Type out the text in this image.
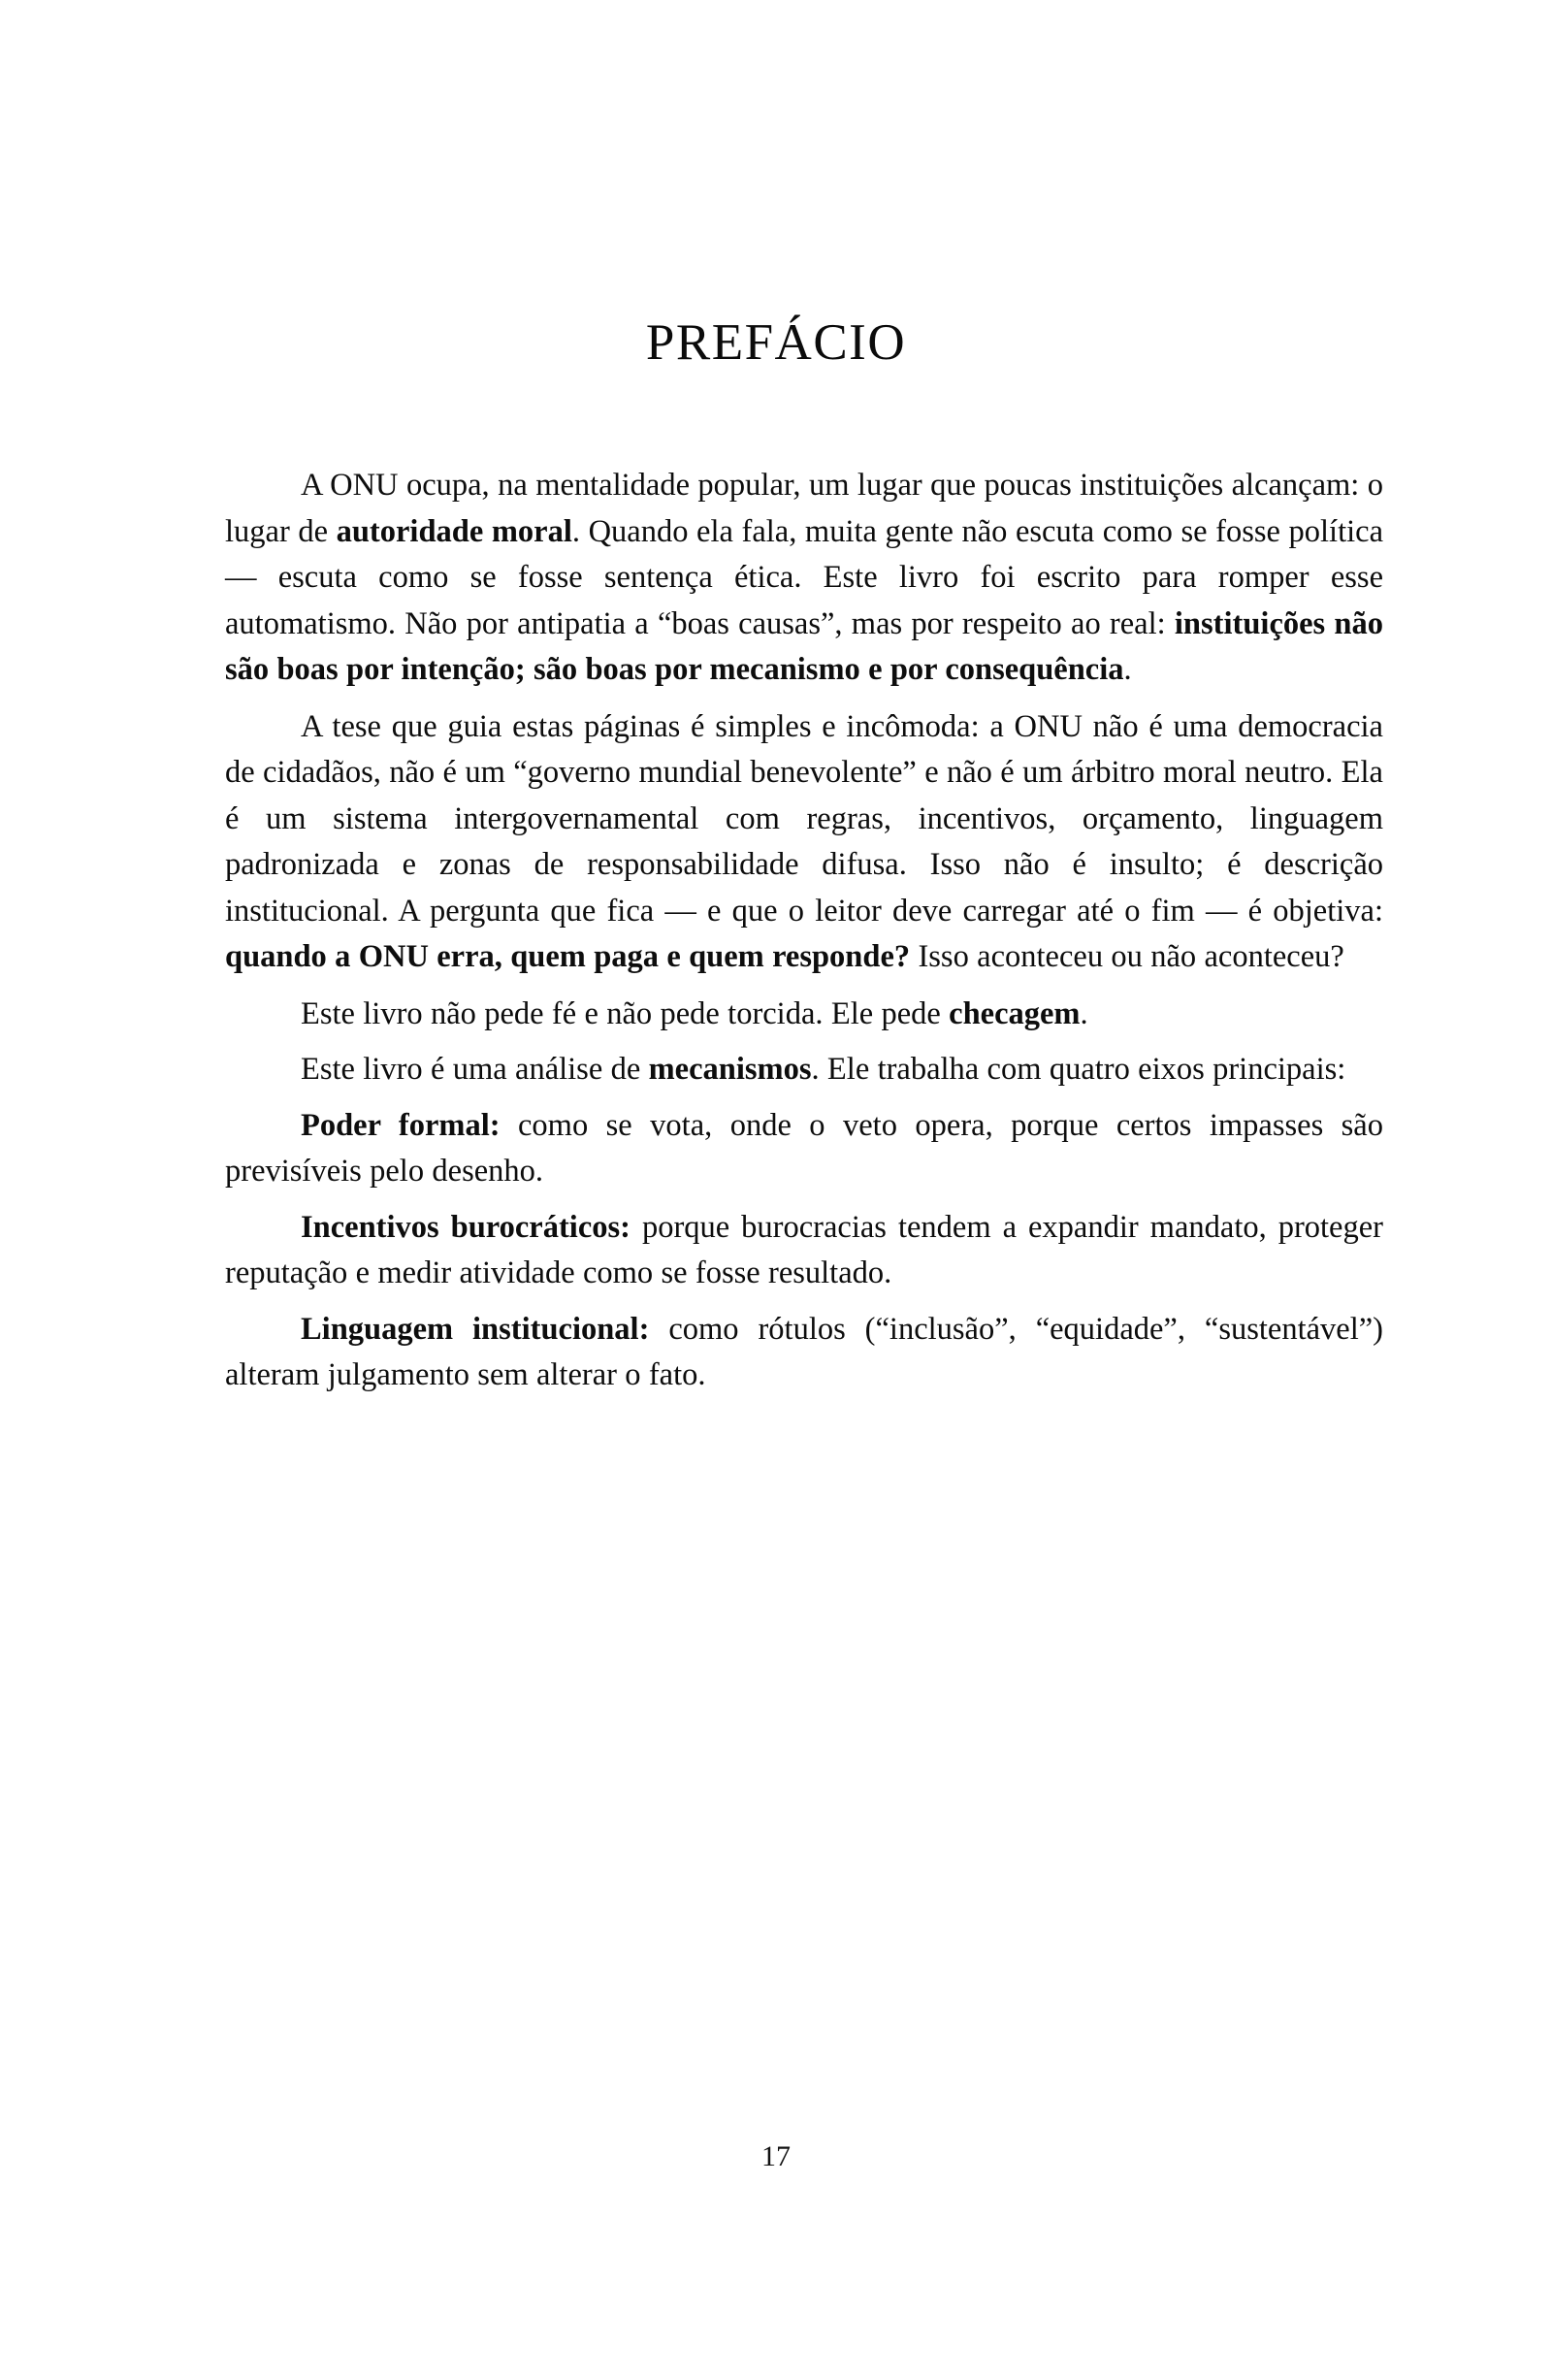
PREFÁCIO

A ONU ocupa, na mentalidade popular, um lugar que poucas instituições alcançam: o lugar de autoridade moral. Quando ela fala, muita gente não escuta como se fosse política — escuta como se fosse sentença ética. Este livro foi escrito para romper esse automatismo. Não por antipatia a “boas causas”, mas por respeito ao real: instituições não são boas por intenção; são boas por mecanismo e por consequência.

A tese que guia estas páginas é simples e incômoda: a ONU não é uma democracia de cidadãos, não é um “governo mundial benevolente” e não é um árbitro moral neutro. Ela é um sistema intergovernamental com regras, incentivos, orçamento, linguagem padronizada e zonas de responsabilidade difusa. Isso não é insulto; é descrição institucional. A pergunta que fica — e que o leitor deve carregar até o fim — é objetiva: quando a ONU erra, quem paga e quem responde? Isso aconteceu ou não aconteceu?

Este livro não pede fé e não pede torcida. Ele pede checagem.

Este livro é uma análise de mecanismos. Ele trabalha com quatro eixos principais:

Poder formal: como se vota, onde o veto opera, porque certos impasses são previsíveis pelo desenho.

Incentivos burocráticos: porque burocracias tendem a expandir mandato, proteger reputação e medir atividade como se fosse resultado.

Linguagem institucional: como rótulos (“inclusão”, “equidade”, “sustentável”) alteram julgamento sem alterar o fato.

17
